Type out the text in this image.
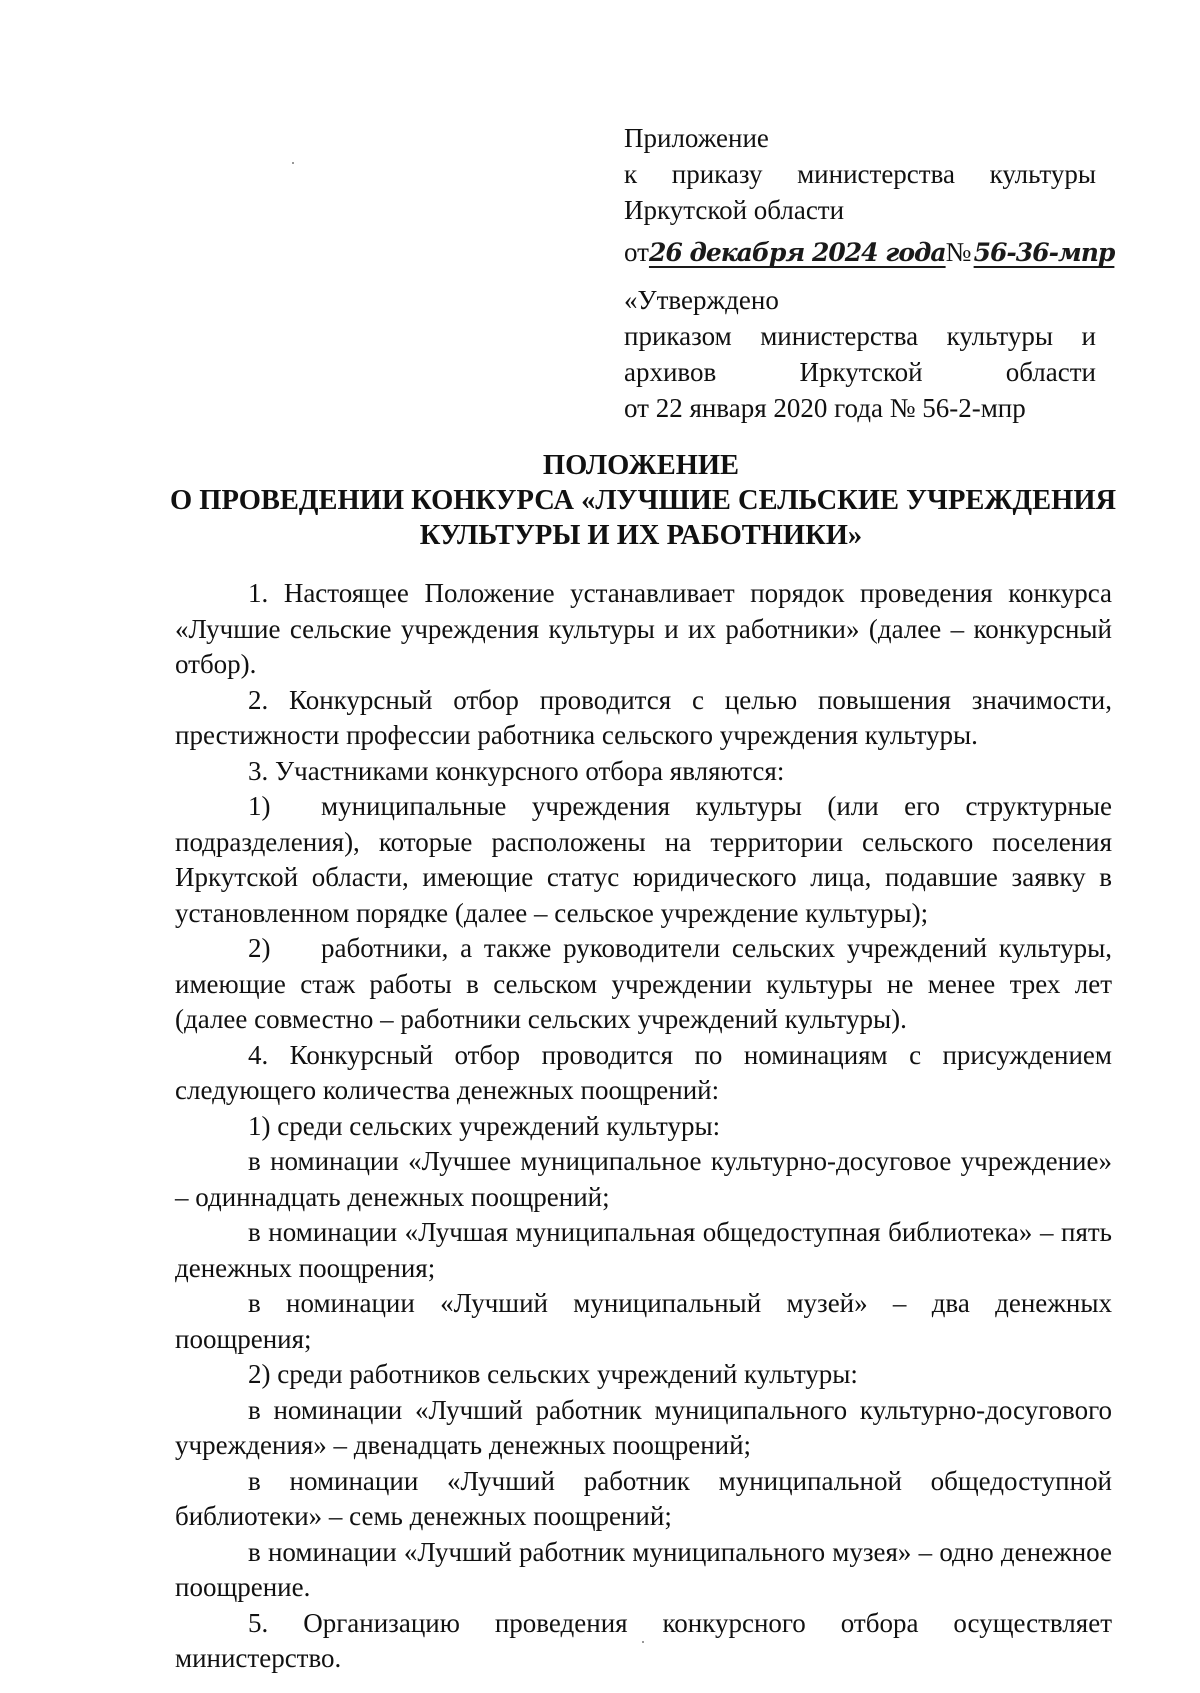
Приложение
к приказу министерства культуры
Иркутской области
от26 декабря 2024 года№ 56-36-мпр
«Утверждено
приказом министерства культуры и
архивов Иркутской области
от 22 января 2020 года № 56-2-мпр
ПОЛОЖЕНИЕ
О ПРОВЕДЕНИИ КОНКУРСА «ЛУЧШИЕ СЕЛЬСКИЕ УЧРЕЖДЕНИЯ
КУЛЬТУРЫ И ИХ РАБОТНИКИ»

1. Настоящее Положение устанавливает порядок проведения конкурса «Лучшие сельские учреждения культуры и их работники» (далее – конкурсный отбор).

2. Конкурсный отбор проводится с целью повышения значимости, престижности профессии работника сельского учреждения культуры.

3. Участниками конкурсного отбора являются:

1) муниципальные учреждения культуры (или его структурные подразделения), которые расположены на территории сельского поселения Иркутской области, имеющие статус юридического лица, подавшие заявку в установленном порядке (далее – сельское учреждение культуры);

2) работники, а также руководители сельских учреждений культуры, имеющие стаж работы в сельском учреждении культуры не менее трех лет (далее совместно – работники сельских учреждений культуры).

4. Конкурсный отбор проводится по номинациям с присуждением следующего количества денежных поощрений:

1) среди сельских учреждений культуры:

в номинации «Лучшее муниципальное культурно-досуговое учреждение» – одиннадцать денежных поощрений;

в номинации «Лучшая муниципальная общедоступная библиотека» – пять денежных поощрения;

в номинации «Лучший муниципальный музей» – два денежных поощрения;

2) среди работников сельских учреждений культуры:

в номинации «Лучший работник муниципального культурно-досугового учреждения» – двенадцать денежных поощрений;

в номинации «Лучший работник муниципальной общедоступной библиотеки» – семь денежных поощрений;

в номинации «Лучший работник муниципального музея» – одно денежное поощрение.

5. Организацию проведения конкурсного отбора осуществляет министерство.
